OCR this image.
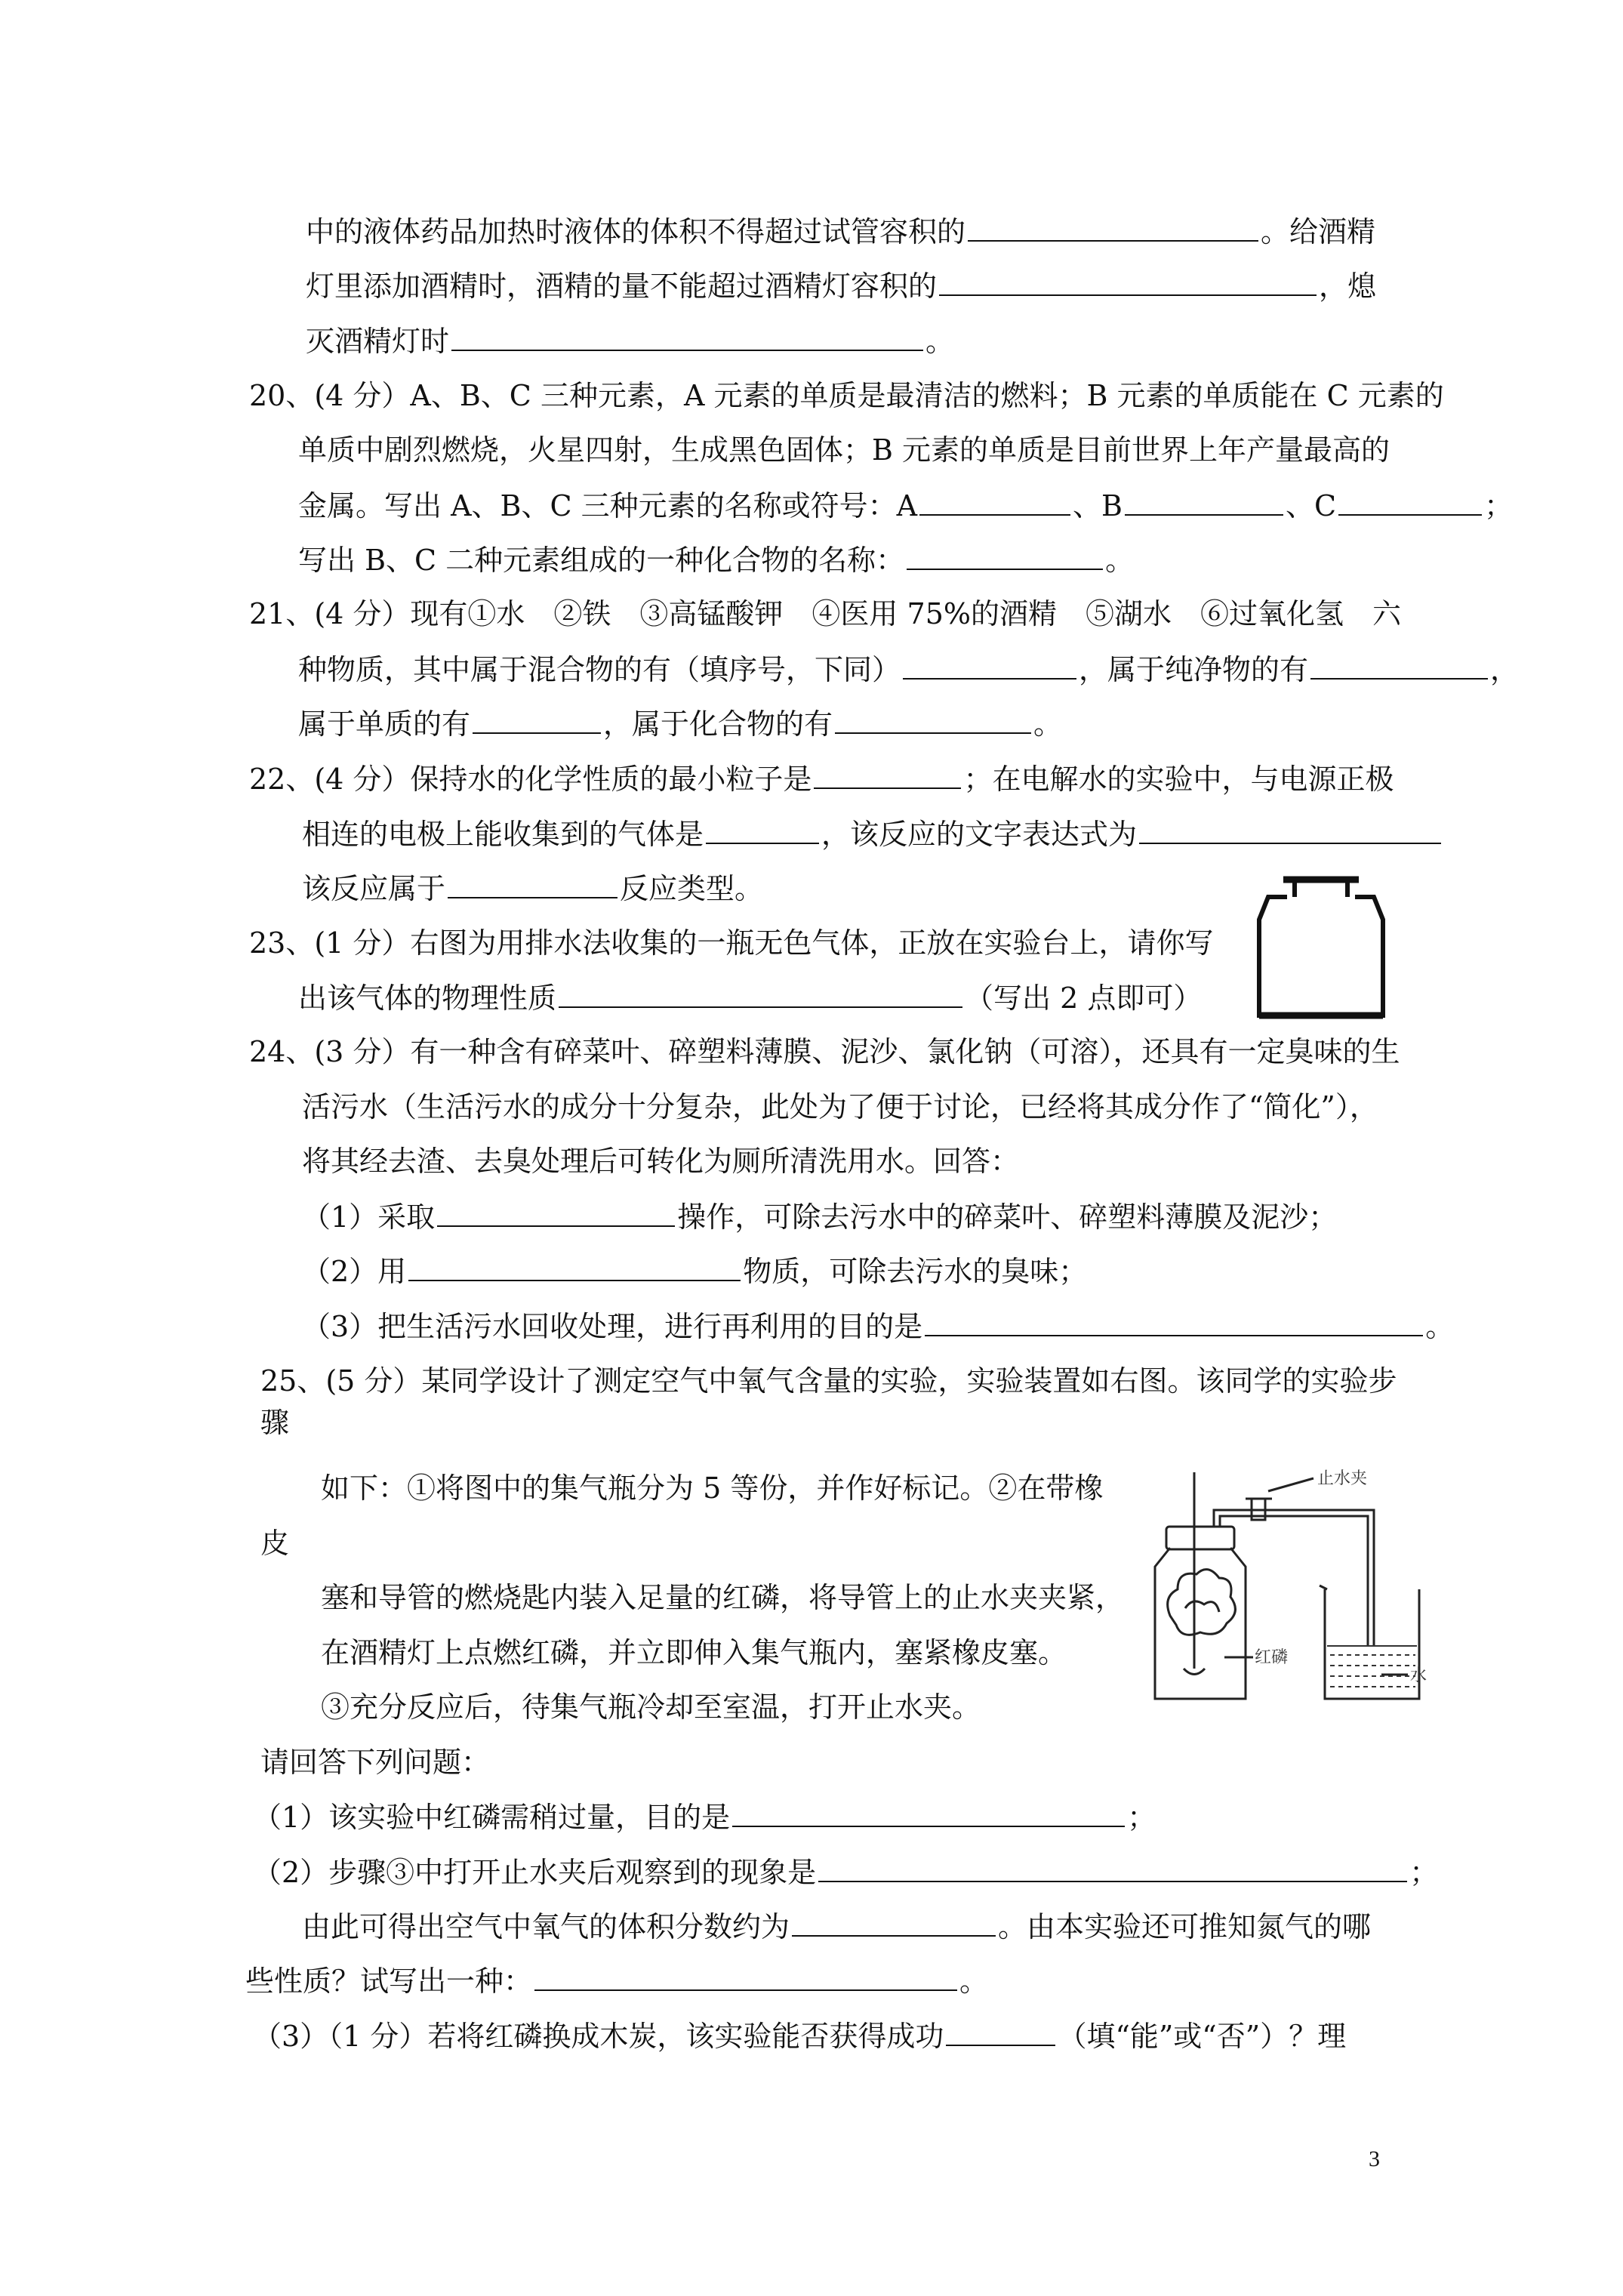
中的液体药品加热时液体的体积不得超过试管容积的	。给酒精
灯里添加酒精时，酒精的量不能超过酒精灯容积的	，熄
灭酒精灯时	。
20、(4 分）A、B、C 三种元素，A 元素的单质是最清洁的燃料；B 元素的单质能在 C 元素的
单质中剧烈燃烧，火星四射，生成黑色固体；B 元素的单质是目前世界上年产量最高的
金属。写出 A、B、C 三种元素的名称或符号：A	、B	、C	；
写出 B、C 二种元素组成的一种化合物的名称：	。
21、(4 分）现有①水　②铁　③高锰酸钾　④医用 75%的酒精　⑤湖水　⑥过氧化氢　六
种物质，其中属于混合物的有（填序号，下同）	，属于纯净物的有	，
属于单质的有	，属于化合物的有	。
22、(4 分）保持水的化学性质的最小粒子是	；在电解水的实验中，与电源正极
相连的电极上能收集到的气体是	，该反应的文字表达式为
该反应属于	反应类型。
23、(1 分）右图为用排水法收集的一瓶无色气体，正放在实验台上，请你写
出该气体的物理性质	（写出 2 点即可）
24、(3 分）有一种含有碎菜叶、碎塑料薄膜、泥沙、氯化钠（可溶），还具有一定臭味的生
活污水（生活污水的成分十分复杂，此处为了便于讨论，已经将其成分作了“简化”），
将其经去渣、去臭处理后可转化为厕所清洗用水。回答：
（1）采取	操作，可除去污水中的碎菜叶、碎塑料薄膜及泥沙；
（2）用	物质，可除去污水的臭味；
（3）把生活污水回收处理，进行再利用的目的是	。
25、(5 分）某同学设计了测定空气中氧气含量的实验，实验装置如右图。该同学的实验步
骤
如下：①将图中的集气瓶分为 5 等份，并作好标记。②在带橡
皮
塞和导管的燃烧匙内装入足量的红磷，将导管上的止水夹夹紧，
在酒精灯上点燃红磷，并立即伸入集气瓶内，塞紧橡皮塞。
③充分反应后，待集气瓶冷却至室温，打开止水夹。
请回答下列问题：
（1）该实验中红磷需稍过量，目的是	；
（2）步骤③中打开止水夹后观察到的现象是	；
由此可得出空气中氧气的体积分数约为	。由本实验还可推知氮气的哪
些性质？试写出一种：	。
（3）（1 分）若将红磷换成木炭，该实验能否获得成功	（填“能”或“否”）？理
止水夹
红磷
水
3
